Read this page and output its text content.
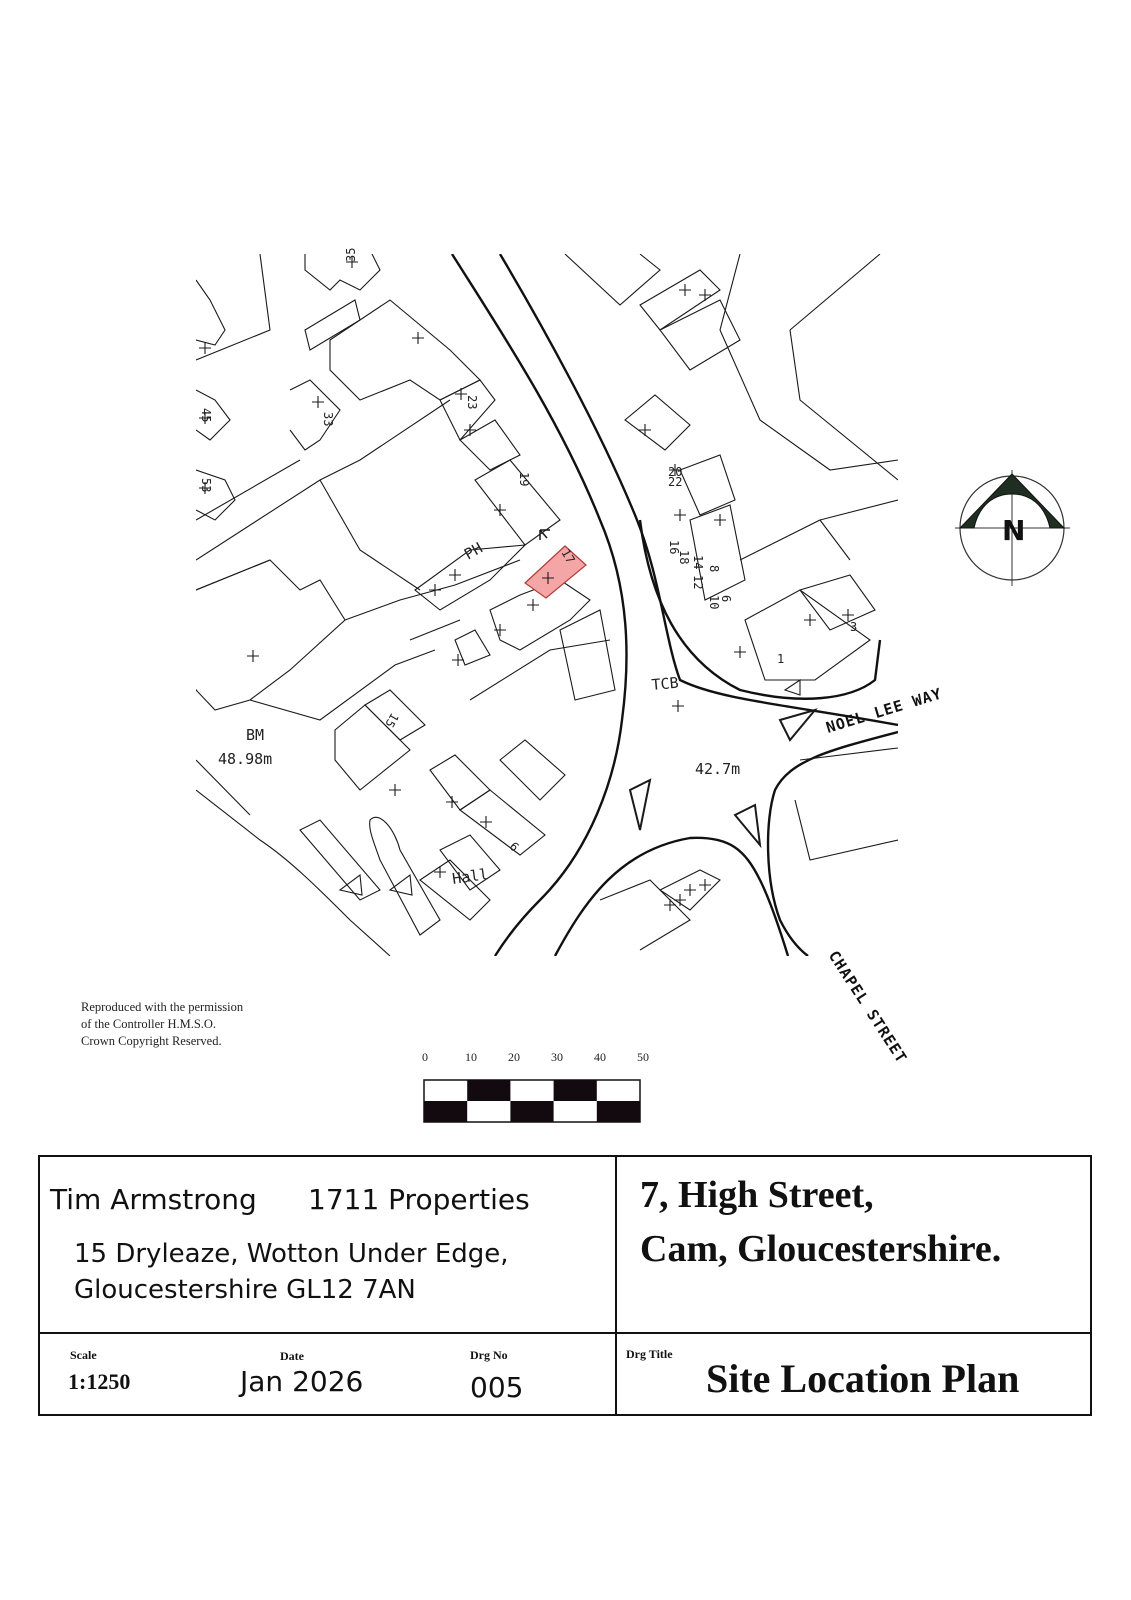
PH
Hall
TCB
BM
48.98m
42.7m
35
45
53
33
23
19
17
15
9
20
22
16
18 14
12
8
6
10
1
3
NOEL LEE WAY
CHAPEL STREET
N
Reproduced with the permission
of the Controller H.M.S.O.
Crown Copyright Reserved.
0	10	20	30	40	50
Tim Armstrong 1711 Properties
15 Dryleaze, Wotton Under Edge,
Gloucestershire GL12 7AN
7, High Street,
Cam, Gloucestershire.
Scale
1:1250
Date
Jan 2026
Drg No
005
Drg Title
Site Location Plan
